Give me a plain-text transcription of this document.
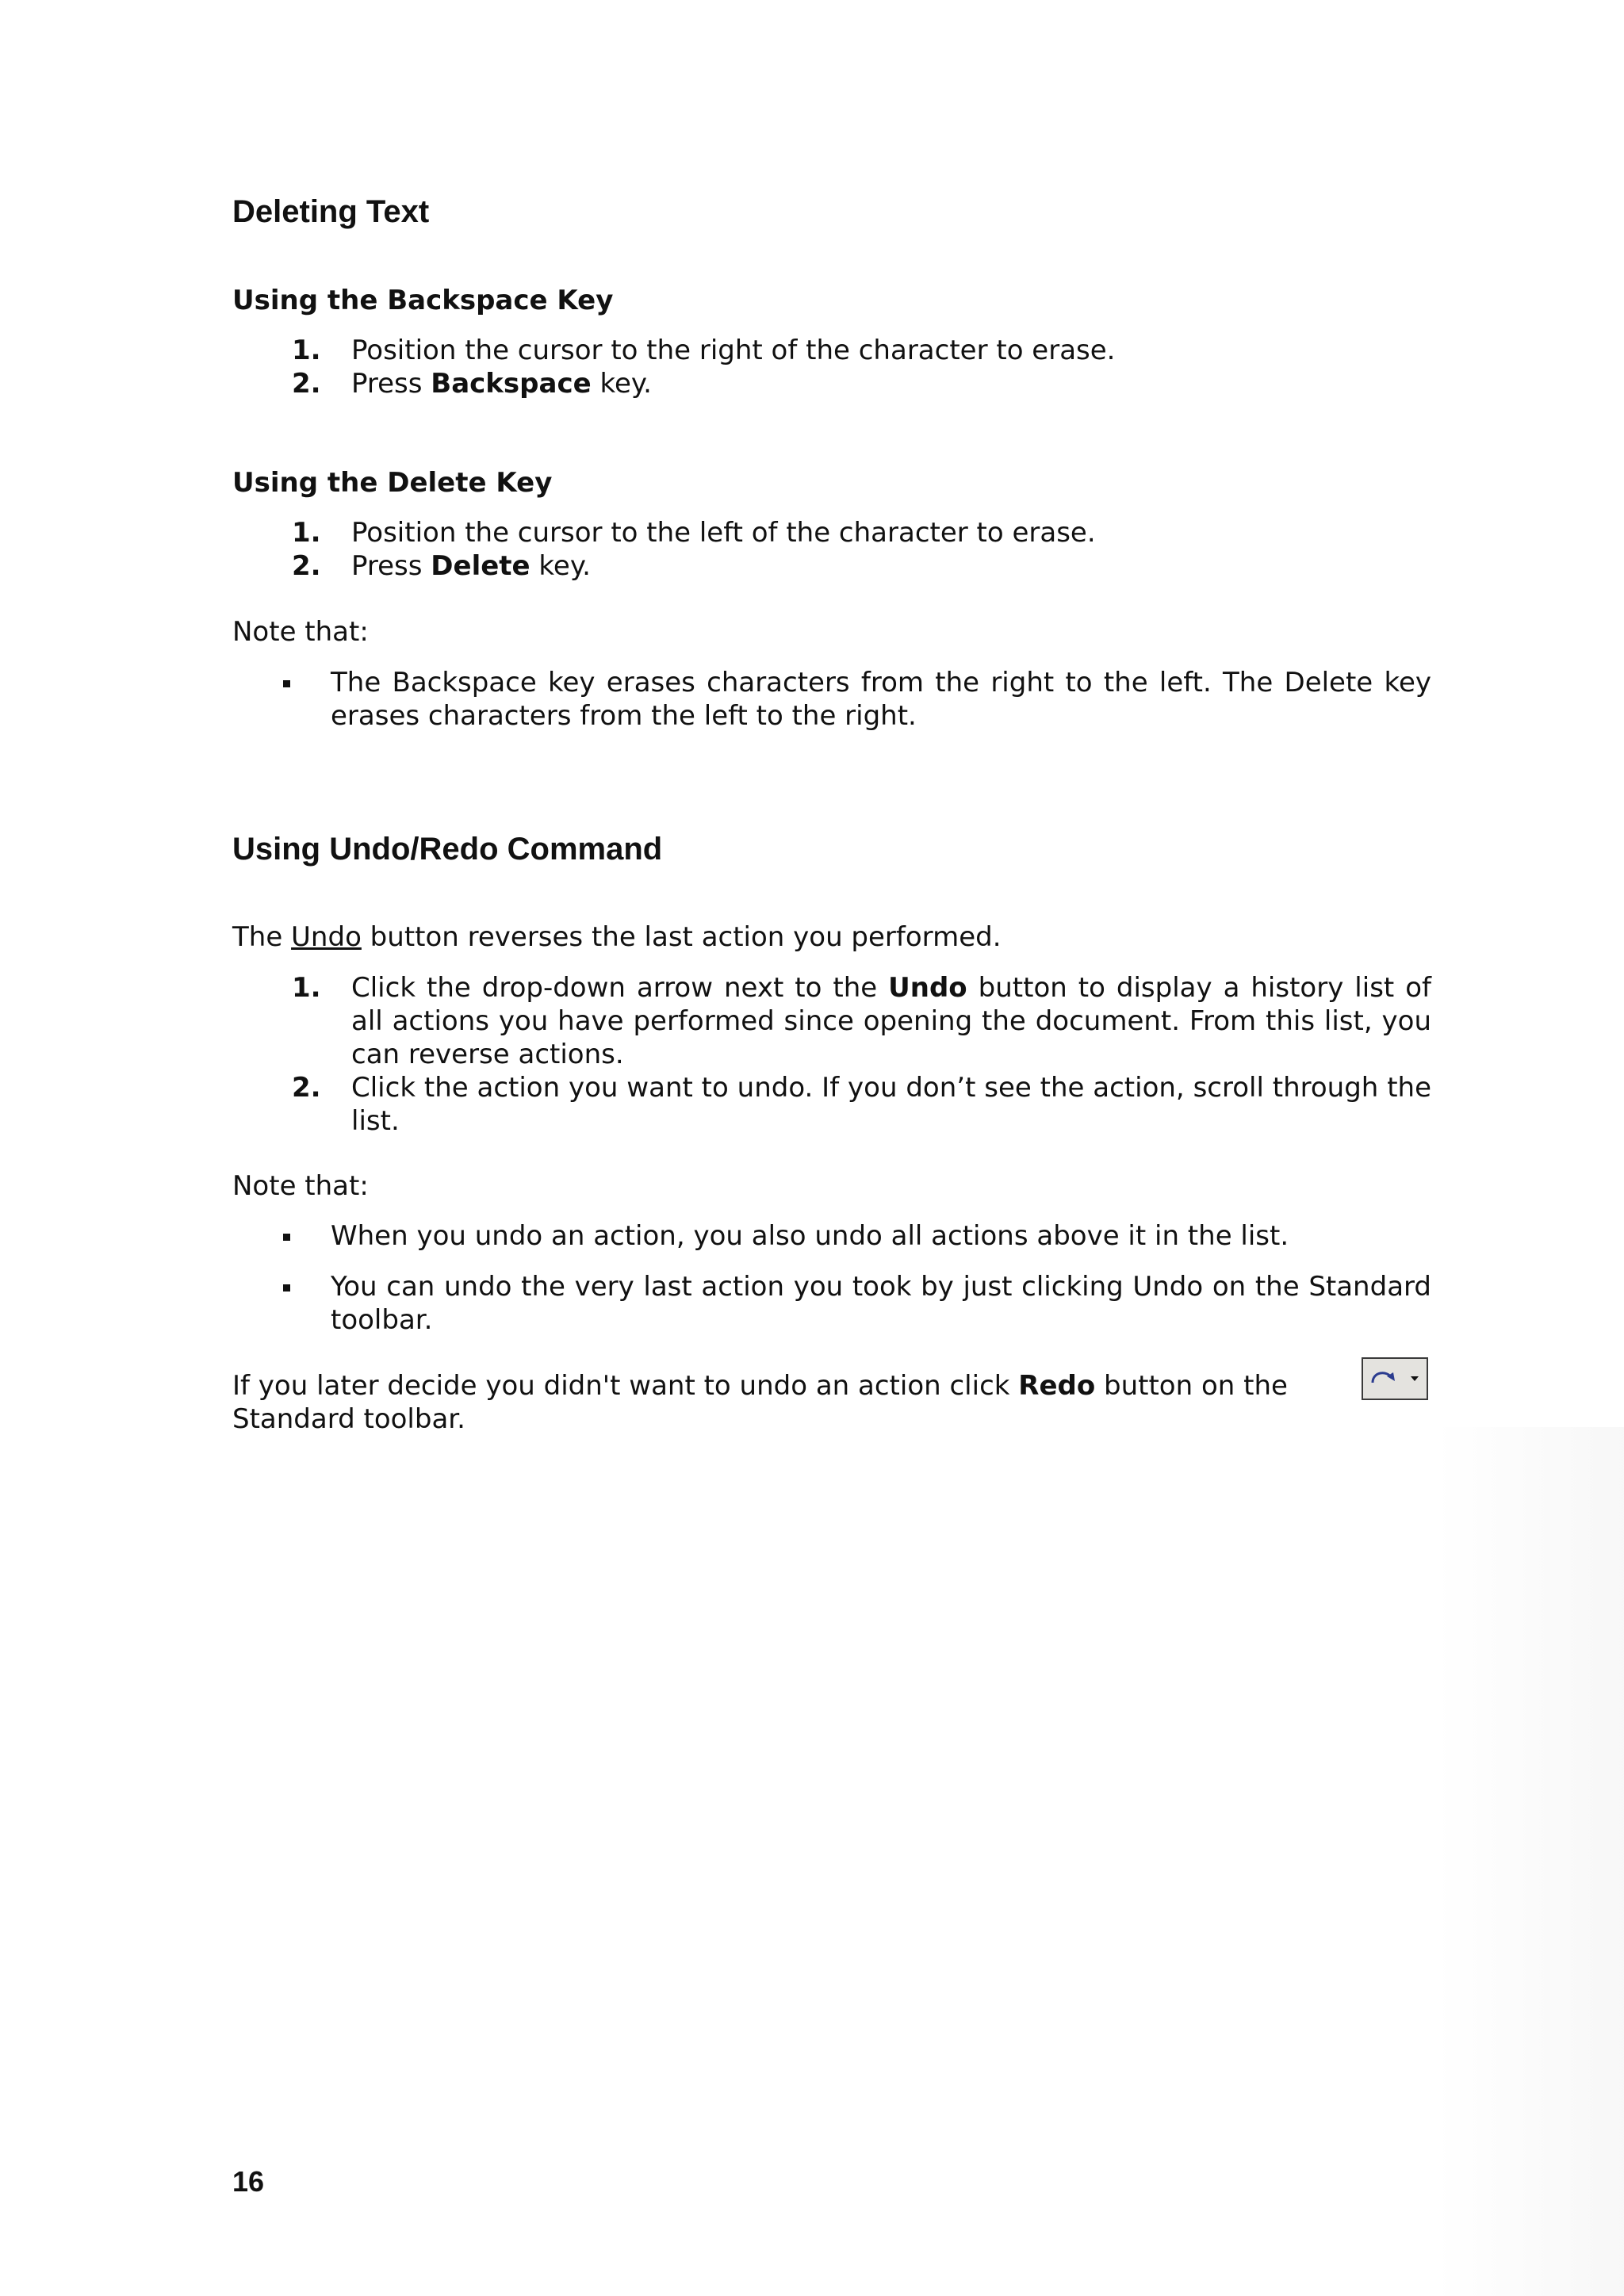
Deleting Text
Using the Backspace Key
1. Position the cursor to the right of the character to erase.
2. Press Backspace key.
Using the Delete Key
1. Position the cursor to the left of the character to erase.
2. Press Delete key.

Note that:

The Backspace key erases characters from the right to the left. The Delete key erases characters from the left to the right.
Using Undo/Redo Command

The Undo button reverses the last action you performed.

1. Click the drop-down arrow next to the Undo button to display a history list of all actions you have performed since opening the document. From this list, you can reverse actions.
2. Click the action you want to undo. If you don’t see the action, scroll through the list.

Note that:

When you undo an action, you also undo all actions above it in the list.
You can undo the very last action you took by just clicking Undo on the Standard toolbar.

If you later decide you didn't want to undo an action click Redo button on the Standard toolbar.

16
